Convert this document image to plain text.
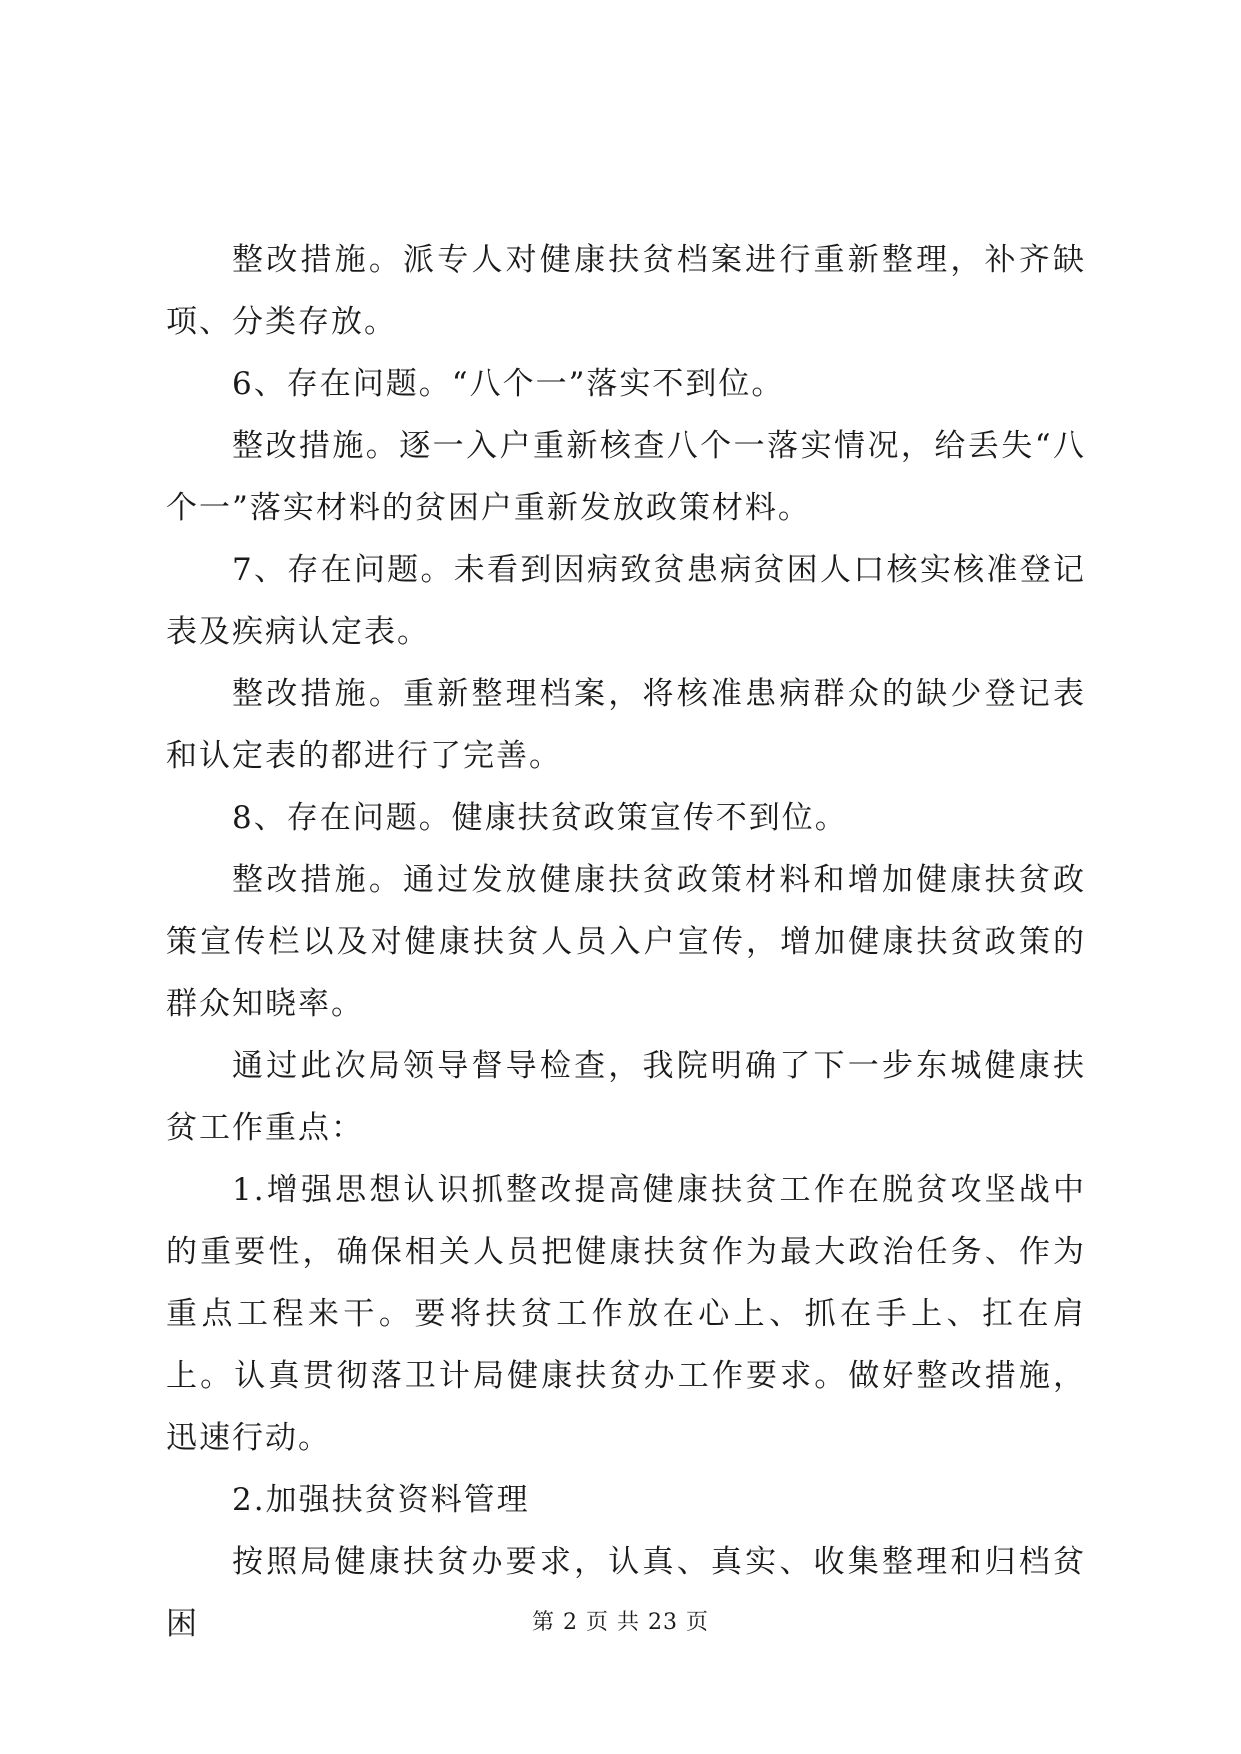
整改措施。派专人对健康扶贫档案进行重新整理，补齐缺项、分类存放。

6、存在问题。“八个一”落实不到位。

整改措施。逐一入户重新核查八个一落实情况，给丢失“八个一”落实材料的贫困户重新发放政策材料。

7、存在问题。未看到因病致贫患病贫困人口核实核准登记表及疾病认定表。

整改措施。重新整理档案，将核准患病群众的缺少登记表和认定表的都进行了完善。

8、存在问题。健康扶贫政策宣传不到位。

整改措施。通过发放健康扶贫政策材料和增加健康扶贫政策宣传栏以及对健康扶贫人员入户宣传，增加健康扶贫政策的群众知晓率。

通过此次局领导督导检查，我院明确了下一步东城健康扶贫工作重点：

1.增强思想认识抓整改提高健康扶贫工作在脱贫攻坚战中的重要性，确保相关人员把健康扶贫作为最大政治任务、作为重点工程来干。要将扶贫工作放在心上、抓在手上、扛在肩上。认真贯彻落卫计局健康扶贫办工作要求。做好整改措施，迅速行动。

2.加强扶贫资料管理

按照局健康扶贫办要求，认真、真实、收集整理和归档贫困	第 2 页 共 23 页
